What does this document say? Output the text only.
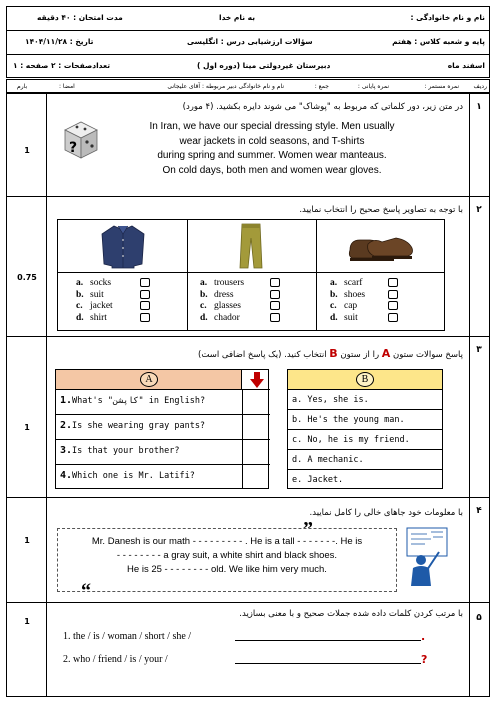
نام و نام خانوادگی :
به نام خدا
مدت امتحان : ۴۰ دقیقه
پایه و شعبه کلاس : هفتم
سؤالات ارزشیابی درس : انگلیسی
تاریخ : ۱۴۰۴/۱۱/۲۸
اسفند ماه
دبیرستان غیردولتی مینا (دوره اول )
تعدادصفحات : ۲ صفحه : ۱
ردیف
نمره مستمر :
نمره پایانی :
جمع :
نام و نام خانوادگی دبیر مربوطه : آقای علیجانی
امضا :
بارم
۱
1
در متن زیر، دور کلماتی که مربوط به "پوشاک" می شوند دایره بکشید. (۴ مورد)
?
In Iran, we have our special dressing style. Men usually
wear jackets in cold seasons, and T-shirts
during spring and summer. Women wear manteaus.
On cold days, both men and women wear gloves.
۲
0.75
با توجه به تصاویر پاسخ صحیح را انتخاب نمایید.
a. socks
b. suit
c. jacket
d. shirt
a. trousers
b. dress
c. glasses
d. chador
a. scarf
b. shoes
c. cap
d. suit
۳
1
پاسخ سوالات ستون A را از ستون B انتخاب کنید. (یک پاسخ اضافی است)
A
1. What's "کاپشن" in English?
2. Is she wearing gray pants?
3. Is that your brother?
4. Which one is Mr. Latifi?
B
a. Yes, she is.
b. He's the young man.
c. No, he is my friend.
d. A mechanic.
e. Jacket.
۴
1
با معلومات خود جاهای خالی را کامل نمایید.
Mr. Danesh is our math - - - - - - - - - . He is a tall - - - - - - -. He is
- - - - - - - - a gray suit, a white shirt and black shoes.
He is 25 - - - - - - - - old. We like him very much.
”
“
۵
1
با مرتب کردن کلمات داده شده جملات صحیح و با معنی بسازید.
1. the / is / woman / short / she /	.
2. who / friend / is / your /	?
